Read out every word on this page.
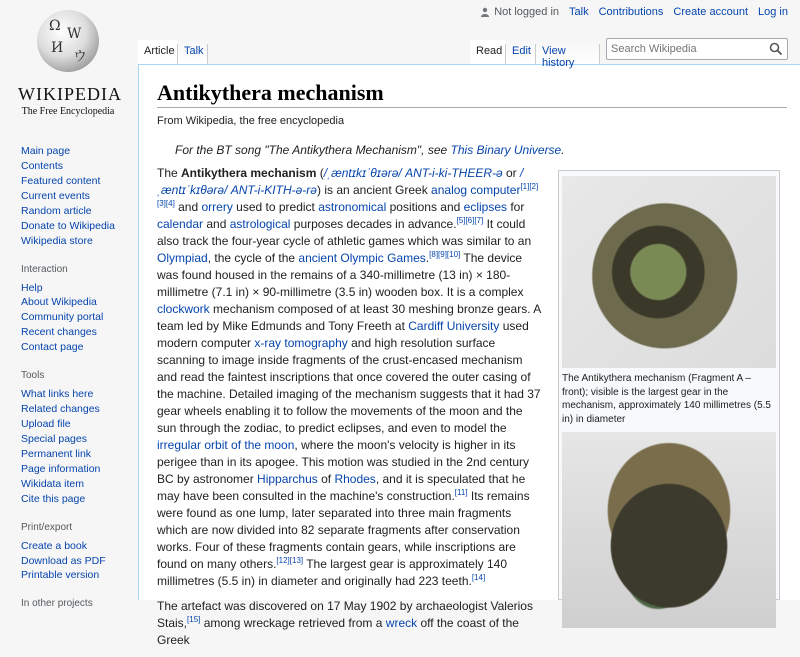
Not logged in Talk Contributions Create account Log in
Ω W
И
ウ
WIKIPEDIA
The Free Encyclopedia
Article Talk	Read Edit	View history
Search Wikipedia
Main page
Contents
Featured content
Current events
Random article
Donate to Wikipedia
Wikipedia store
Interaction
Help
About Wikipedia
Community portal
Recent changes
Contact page
Tools
What links here
Related changes
Upload file
Special pages
Permanent link
Page information
Wikidata item
Cite this page
Print/export
Create a book
Download as PDF
Printable version
In other projects
Antikythera mechanism
From Wikipedia, the free encyclopedia
For the BT song "The Antikythera Mechanism", see This Binary Universe.

The Antikythera mechanism (/ˌæntɪkɪˈθɪərə/ ANT-i-ki-THEER-ə or /ˌæntɪˈkɪθərə/ ANT-i-KITH-ə-rə) is an ancient Greek analog computer[1][2][3][4] and orrery used to predict astronomical positions and eclipses for calendar and astrological purposes decades in advance.[5][6][7] It could also track the four-year cycle of athletic games which was similar to an Olympiad, the cycle of the ancient Olympic Games.[8][9][10] The device was found housed in the remains of a 340-millimetre (13 in) × 180-millimetre (7.1 in) × 90-millimetre (3.5 in) wooden box. It is a complex clockwork mechanism composed of at least 30 meshing bronze gears. A team led by Mike Edmunds and Tony Freeth at Cardiff University used modern computer x-ray tomography and high resolution surface scanning to image inside fragments of the crust-encased mechanism and read the faintest inscriptions that once covered the outer casing of the machine. Detailed imaging of the mechanism suggests that it had 37 gear wheels enabling it to follow the movements of the moon and the sun through the zodiac, to predict eclipses, and even to model the irregular orbit of the moon, where the moon's velocity is higher in its perigee than in its apogee. This motion was studied in the 2nd century BC by astronomer Hipparchus of Rhodes, and it is speculated that he may have been consulted in the machine's construction.[11] Its remains were found as one lump, later separated into three main fragments which are now divided into 82 separate fragments after conservation works. Four of these fragments contain gears, while inscriptions are found on many others.[12][13] The largest gear is approximately 140 millimetres (5.5 in) in diameter and originally had 223 teeth.[14]

The artefact was discovered on 17 May 1902 by archaeologist Valerios Stais,[15] among wreckage retrieved from a wreck off the coast of the Greek

The Antikythera mechanism (Fragment A – front); visible is the largest gear in the mechanism, approximately 140 millimetres (5.5 in) in diameter
